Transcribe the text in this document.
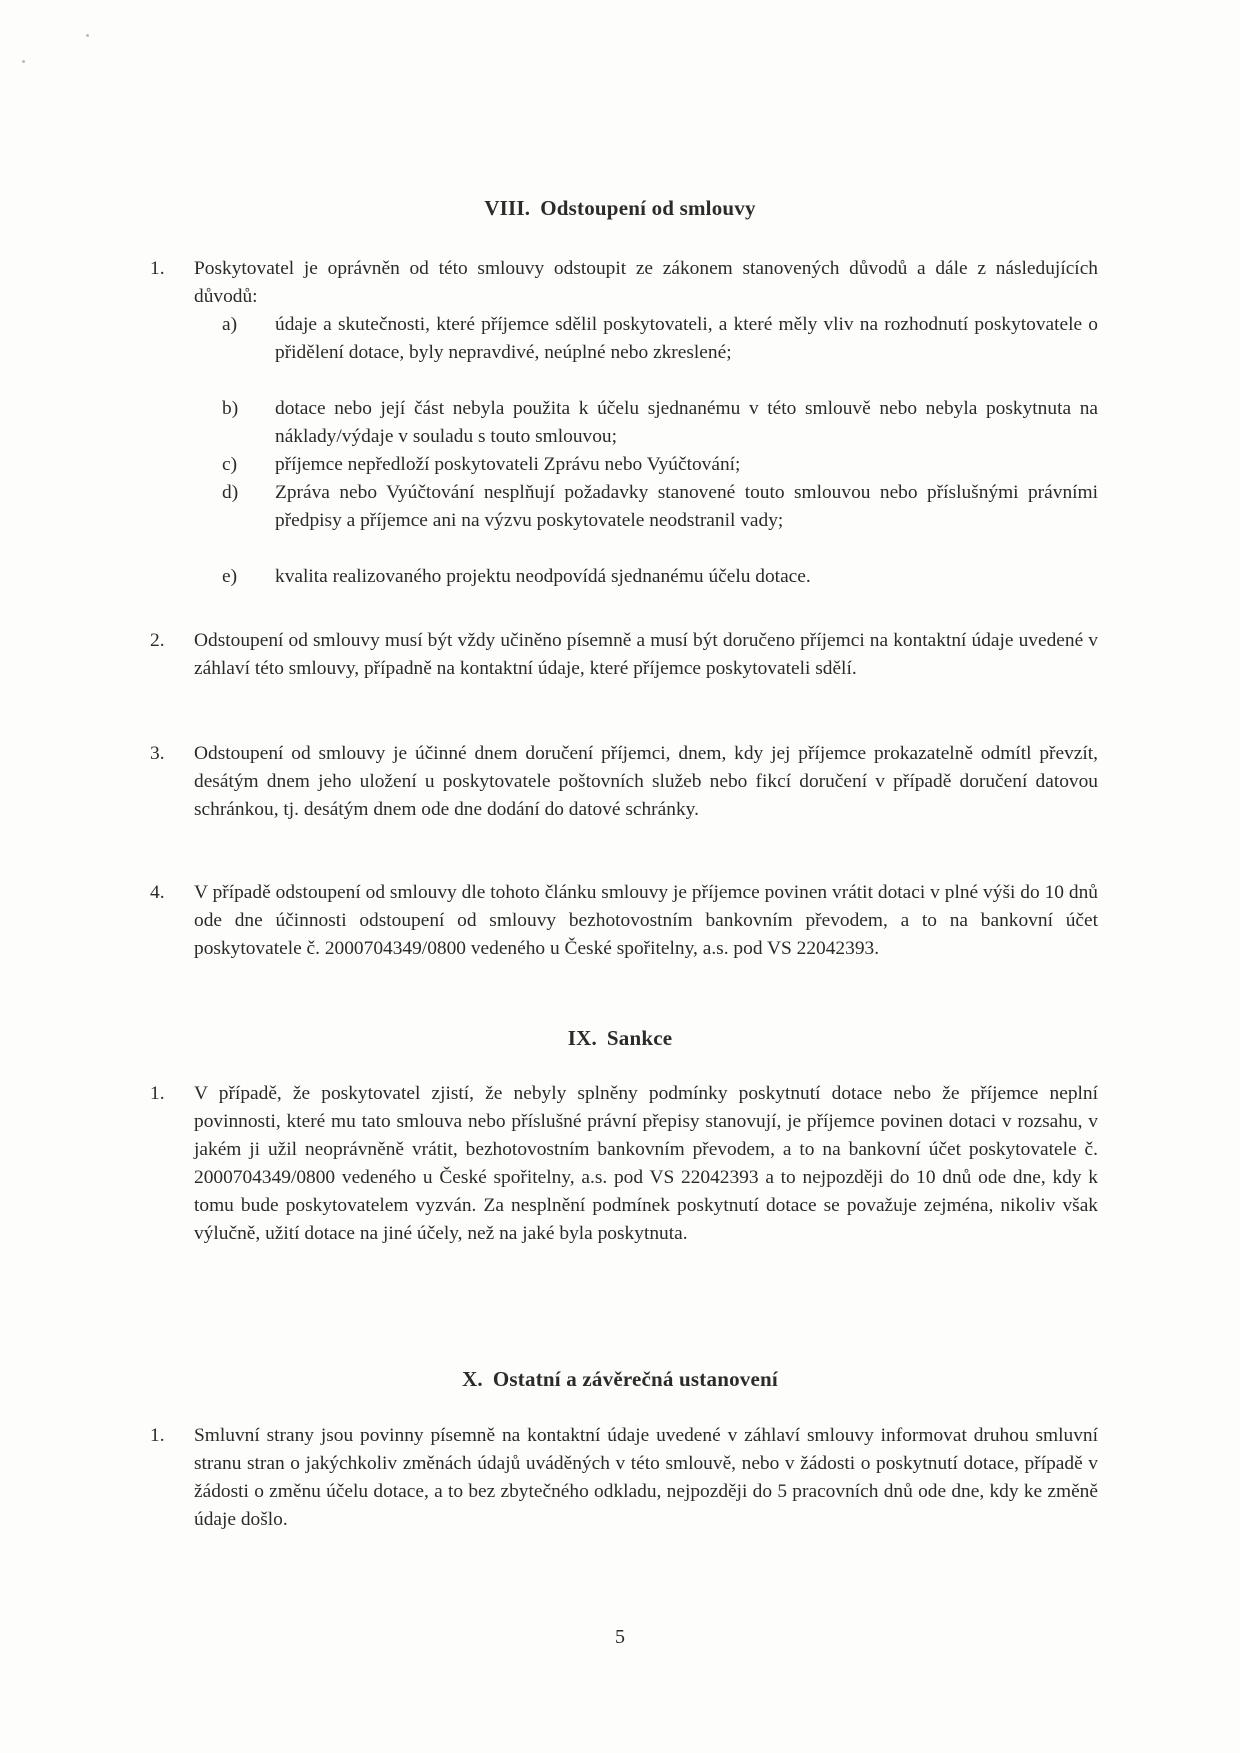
VIII. Odstoupení od smlouvy
1.	Poskytovatel je oprávněn od této smlouvy odstoupit ze zákonem stanovených důvodů a dále z následujících důvodů:
a)	údaje a skutečnosti, které příjemce sdělil poskytovateli, a které měly vliv na rozhodnutí poskytovatele o přidělení dotace, byly nepravdivé, neúplné nebo zkreslené;
b)	dotace nebo její část nebyla použita k účelu sjednanému v této smlouvě nebo nebyla poskytnuta na náklady/výdaje v souladu s touto smlouvou;
c)	příjemce nepředloží poskytovateli Zprávu nebo Vyúčtování;
d)	Zpráva nebo Vyúčtování nesplňují požadavky stanovené touto smlouvou nebo příslušnými právními předpisy a příjemce ani na výzvu poskytovatele neodstranil vady;
e)	kvalita realizovaného projektu neodpovídá sjednanému účelu dotace.
2.	Odstoupení od smlouvy musí být vždy učiněno písemně a musí být doručeno příjemci na kontaktní údaje uvedené v záhlaví této smlouvy, případně na kontaktní údaje, které příjemce poskytovateli sdělí.
3.	Odstoupení od smlouvy je účinné dnem doručení příjemci, dnem, kdy jej příjemce prokazatelně odmítl převzít, desátým dnem jeho uložení u poskytovatele poštovních služeb nebo fikcí doručení v případě doručení datovou schránkou, tj. desátým dnem ode dne dodání do datové schránky.
4.	V případě odstoupení od smlouvy dle tohoto článku smlouvy je příjemce povinen vrátit dotaci v plné výši do 10 dnů ode dne účinnosti odstoupení od smlouvy bezhotovostním bankovním převodem, a to na bankovní účet poskytovatele č. 2000704349/0800 vedeného u České spořitelny, a.s. pod VS 22042393.
IX. Sankce
1.	V případě, že poskytovatel zjistí, že nebyly splněny podmínky poskytnutí dotace nebo že příjemce neplní povinnosti, které mu tato smlouva nebo příslušné právní přepisy stanovují, je příjemce povinen dotaci v rozsahu, v jakém ji užil neoprávněně vrátit, bezhotovostním bankovním převodem, a to na bankovní účet poskytovatele č. 2000704349/0800 vedeného u České spořitelny, a.s. pod VS 22042393 a to nejpozději do 10 dnů ode dne, kdy k tomu bude poskytovatelem vyzván. Za nesplnění podmínek poskytnutí dotace se považuje zejména, nikoliv však výlučně, užití dotace na jiné účely, než na jaké byla poskytnuta.
X. Ostatní a závěrečná ustanovení
1.	Smluvní strany jsou povinny písemně na kontaktní údaje uvedené v záhlaví smlouvy informovat druhou smluvní stranu stran o jakýchkoliv změnách údajů uváděných v této smlouvě, nebo v žádosti o poskytnutí dotace, případě v žádosti o změnu účelu dotace, a to bez zbytečného odkladu, nejpozději do 5 pracovních dnů ode dne, kdy ke změně údaje došlo.
5
